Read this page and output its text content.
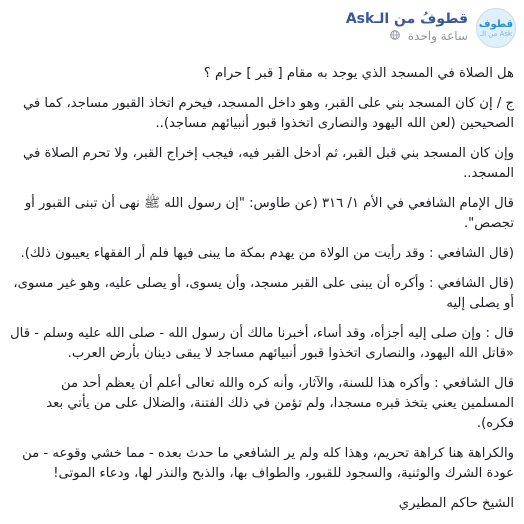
قطوف
من الـ Ask
قطوفُ من الـAsk
ساعة واحدة

هل الصلاة في المسجد الذي يوجد به مقام [ قبر ] حرام ؟

ج / إن كان المسجد بني على القبر، وهو داخل المسجد، فيحرم اتخاذ القبور مساجد، كما في الصحيحين (لعن الله اليهود والنصارى اتخذوا قبور أنبيائهم مساجد)..

وإن كان المسجد بني قبل القبر، ثم أدخل القبر فيه، فيجب إخراج القبر، ولا تحرم الصلاة في المسجد..

قال الإمام الشافعي في الأم ١/ ٣١٦ (عن طاوس: "إن رسول الله ﷺ نهى أن تبنى القبور أو تجصص".

(قال الشافعي : وقد رأيت من الولاة من يهدم بمكة ما يبنى فيها فلم أر الفقهاء يعيبون ذلك).

(قال الشافعي : وأكره أن يبنى على القبر مسجد، وأن يسوى، أو يصلى عليه، وهو غير مسوى، أو يصلى إليه

قال : وإن صلى إليه أجزأه، وقد أساء، أخبرنا مالك أن رسول الله - صلى الله عليه وسلم - قال «قاتل الله اليهود، والنصارى اتخذوا قبور أنبيائهم مساجد لا يبقى دينان بأرض العرب.

قال الشافعي : وأكره هذا للسنة، والآثار، وأنه كره والله تعالى أعلم أن يعظم أحد من المسلمين يعني يتخذ قبره مسجدا، ولم تؤمن في ذلك الفتنة، والضلال على من يأتي بعد فكره).

والكراهة هنا كراهة تحريم، وهذا كله ولم ير الشافعي ما حدث بعده - مما خشي وقوعه - من عودة الشرك والوثنية، والسجود للقبور، والطواف بها، والذبح والنذر لها، ودعاء الموتى!

الشيخ حاكم المطيري
